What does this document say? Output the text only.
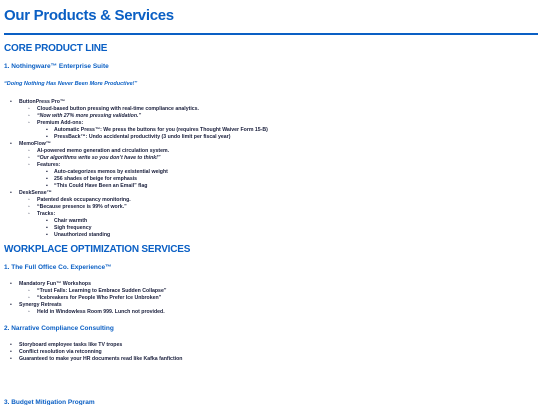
Our Products & Services
CORE PRODUCT LINE
1. Nothingware™ Enterprise Suite
“Doing Nothing Has Never Been More Productive!”
• ButtonPress Pro™
◦ Cloud-based button pressing with real-time compliance analytics.
◦ “Now with 27% more pressing validation.”
◦ Premium Add-ons:
▪ Automatic Press™: We press the buttons for you (requires Thought Waiver Form 15-B)
▪ PressBack™: Undo accidental productivity (3 undo limit per fiscal year)
• MemoFlow™
◦ AI-powered memo generation and circulation system.
◦ “Our algorithms write so you don’t have to think!”
◦ Features:
▪ Auto-categorizes memos by existential weight
▪ 256 shades of beige for emphasis
▪ “This Could Have Been an Email” flag
• DeskSense™
◦ Patented desk occupancy monitoring.
◦ “Because presence is 99% of work.”
◦ Tracks:
▪ Chair warmth
▪ Sigh frequency
▪ Unauthorized standing
WORKPLACE OPTIMIZATION SERVICES
1. The Full Office Co. Experience™
• Mandatory Fun™ Workshops
◦ “Trust Falls: Learning to Embrace Sudden Collapse”
◦ “Icebreakers for People Who Prefer Ice Unbroken”
• Synergy Retreats
◦ Held in Windowless Room 999. Lunch not provided.
2. Narrative Compliance Consulting
• Storyboard employee tasks like TV tropes
• Conflict resolution via retconning
• Guaranteed to make your HR documents read like Kafka fanfiction
3. Budget Mitigation Program
